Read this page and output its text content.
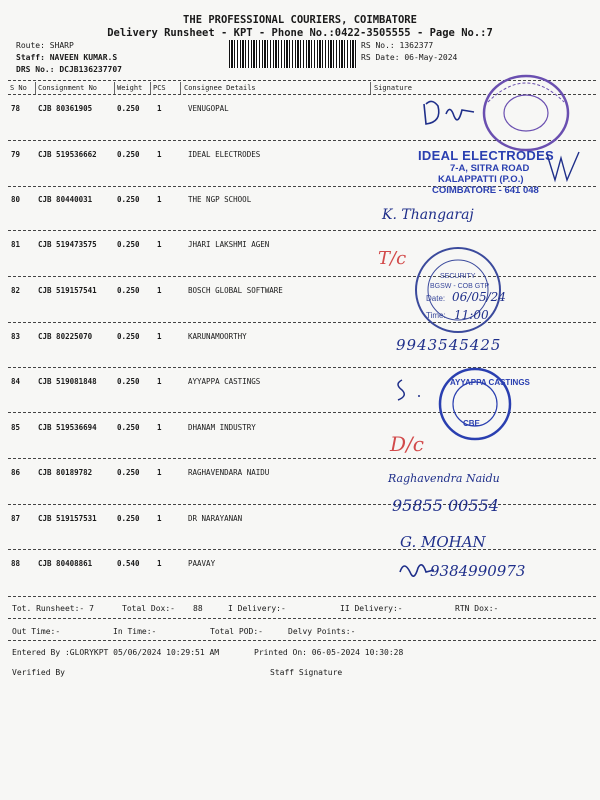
THE PROFESSIONAL COURIERS, COIMBATORE
Delivery Runsheet - KPT - Phone No.:0422-3505555 - Page No.:7
Route: SHARP
Staff: NAVEEN KUMAR.S
DRS No.: DCJB136237707
RS No.: 1362377
RS Date: 06-May-2024
S No Consignment No	Weight PCS	Consignee Details	Signature
78 CJB 80361905	0.250 1	VENUGOPAL
79 CJB 519536662	0.250 1	IDEAL ELECTRODES
80 CJB 80440031	0.250 1	THE NGP SCHOOL
81 CJB 519473575	0.250 1	JHARI LAKSHMI AGEN
82 CJB 519157541	0.250 1	BOSCH GLOBAL SOFTWARE
83 CJB 80225070	0.250 1	KARUNAMOORTHY
84 CJB 519081848	0.250 1	AYYAPPA CASTINGS
85 CJB 519536694	0.250 1	DHANAM INDUSTRY
86 CJB 80189782	0.250 1	RAGHAVENDARA NAIDU
87 CJB 519157531	0.250 1	DR NARAYANAN
88 CJB 80408861	0.540 1	PAAVAY
IDEAL ELECTRODES
7-A, SITRA ROAD
KALAPPATTI (P.O.)
COIMBATORE - 641 048
K. Thangaraj
T/c
SECURITY
BGSW - COB GTP
Date: 06/05/24
Time: 11:00
9943545425
AYYAPPA CASTINGS
CBE
D/c
Raghavendra Naidu
95855 00554
G. MOHAN
9384990973
Tot. Runsheet:- 7	Total Dox:- 88	I Delivery:-	II Delivery:-	RTN Dox:-
Out Time:-	In Time:-	Total POD:-	Delvy Points:-
Entered By :GLORYKPT 05/06/2024 10:29:51 AM	Printed On: 06-05-2024 10:30:28
Verified By	Staff Signature
